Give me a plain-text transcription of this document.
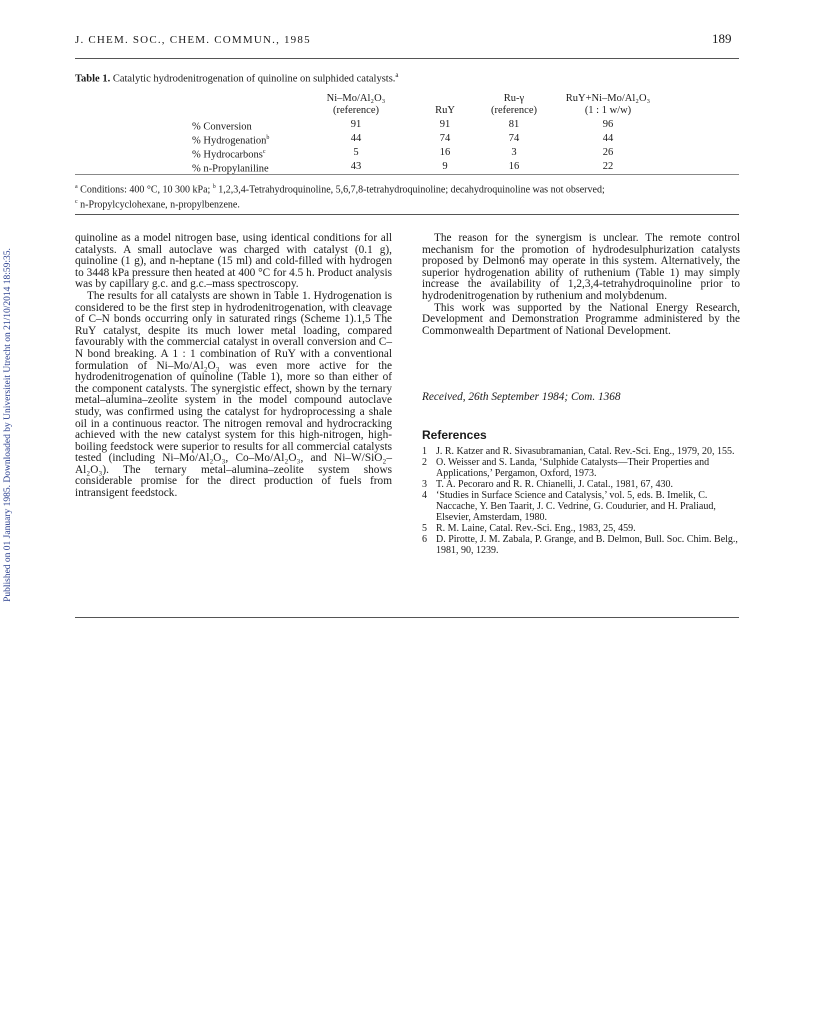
J. CHEM. SOC., CHEM. COMMUN., 1985	189
Published on 01 January 1985. Downloaded by Universiteit Utrecht on 21/10/2014 18:59:35.
Table 1. Catalytic hydrodenitrogenation of quinoline on sulphided catalysts.$^a$
	Ni–Mo/Al₂O₃		Ru-γ	RuY+Ni–Mo/Al₂O₃
	(reference)	RuY	(reference)	(1 : 1 w/w)

% Conversion	91	91	81	96
% Hydrogenation$^b$	44	74	74	44
% Hydrocarbons$^c$	5	16	3	26
% n-Propylaniline	43	9	16	22
$^a$ Conditions: 400 °C, 10 300 kPa; $^b$ 1,2,3,4-Tetrahydroquinoline, 5,6,7,8-tetrahydroquinoline; decahydroquinoline was not observed;
$^c$ n-Propylcyclohexane, n-propylbenzene.

quinoline as a model nitrogen base, using identical conditions for all catalysts. A small autoclave was charged with catalyst (0.1 g), quinoline (1 g), and n-heptane (15 ml) and cold-filled with hydrogen to 3448 kPa pressure then heated at 400 °C for 4.5 h. Product analysis was by capillary g.c. and g.c.–mass spectroscopy.

The results for all catalysts are shown in Table 1. Hydrogenation is considered to be the first step in hydrodenitrogenation, with cleavage of C–N bonds occurring only in saturated rings (Scheme 1).1,5 The RuY catalyst, despite its much lower metal loading, compared favourably with the commercial catalyst in overall conversion and C–N bond breaking. A 1 : 1 combination of RuY with a conventional formulation of Ni–Mo/Al₂O₃ was even more active for the hydrodenitrogenation of quinoline (Table 1), more so than either of the component catalysts. The synergistic effect, shown by the ternary metal–alumina–zeolite system in the model compound autoclave study, was confirmed using the catalyst for hydroprocessing a shale oil in a continuous reactor. The nitrogen removal and hydrocracking achieved with the new catalyst system for this high-nitrogen, high-boiling feedstock were superior to results for all commercial catalysts tested (including Ni–Mo/Al₂O₃, Co–Mo/Al₂O₃, and Ni–W/SiO₂–Al₂O₃). The ternary metal–alumina–zeolite system shows considerable promise for the direct production of fuels from intransigent feedstock.

The reason for the synergism is unclear. The remote control mechanism for the promotion of hydrodesulphurization catalysts proposed by Delmon6 may operate in this system. Alternatively, the superior hydrogenation ability of ruthenium (Table 1) may simply increase the availability of 1,2,3,4-tetrahydroquinoline prior to hydrodenitrogenation by ruthenium and molybdenum.

This work was supported by the National Energy Research, Development and Demonstration Programme administered by the Commonwealth Department of National Development.

Received, 26th September 1984; Com. 1368
References
1 J. R. Katzer and R. Sivasubramanian, Catal. Rev.-Sci. Eng., 1979, 20, 155.
2 O. Weisser and S. Landa, ‘Sulphide Catalysts—Their Properties and Applications,’ Pergamon, Oxford, 1973.
3 T. A. Pecoraro and R. R. Chianelli, J. Catal., 1981, 67, 430.
4 ‘Studies in Surface Science and Catalysis,’ vol. 5, eds. B. Imelik, C. Naccache, Y. Ben Taarit, J. C. Vedrine, G. Coudurier, and H. Praliaud, Elsevier, Amsterdam, 1980.
5 R. M. Laine, Catal. Rev.-Sci. Eng., 1983, 25, 459.
6 D. Pirotte, J. M. Zabala, P. Grange, and B. Delmon, Bull. Soc. Chim. Belg., 1981, 90, 1239.
